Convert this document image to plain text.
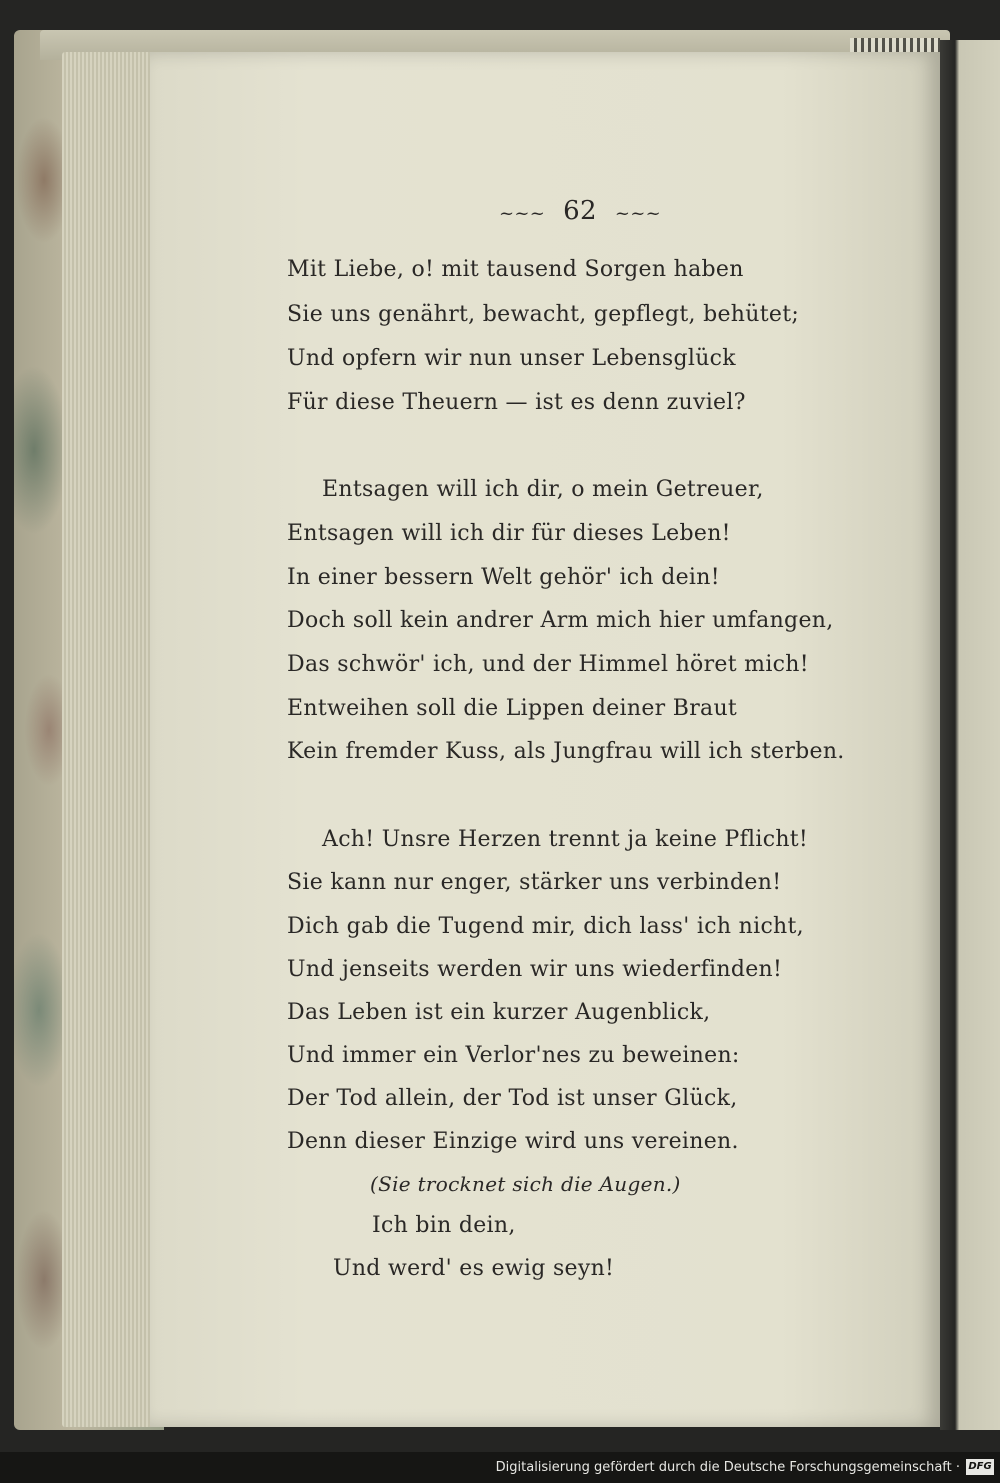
~~~ 62 ~~~
Mit Liebe, o! mit tausend Sorgen haben
Sie uns genährt, bewacht, gepflegt, behütet;
Und opfern wir nun unser Lebensglück
Für diese Theuern — ist es denn zuviel?
Entsagen will ich dir, o mein Getreuer,
Entsagen will ich dir für dieses Leben!
In einer bessern Welt gehör' ich dein!
Doch soll kein andrer Arm mich hier umfangen,
Das schwör' ich, und der Himmel höret mich!
Entweihen soll die Lippen deiner Braut
Kein fremder Kuss, als Jungfrau will ich sterben.
Ach! Unsre Herzen trennt ja keine Pflicht!
Sie kann nur enger, stärker uns verbinden!
Dich gab die Tugend mir, dich lass' ich nicht,
Und jenseits werden wir uns wiederfinden!
Das Leben ist ein kurzer Augenblick,
Und immer ein Verlor'nes zu beweinen:
Der Tod allein, der Tod ist unser Glück,
Denn dieser Einzige wird uns vereinen.
(Sie trocknet sich die Augen.)
Ich bin dein,
Und werd' es ewig seyn!
Digitalisierung gefördert durch die Deutsche Forschungsgemeinschaft · DFG
